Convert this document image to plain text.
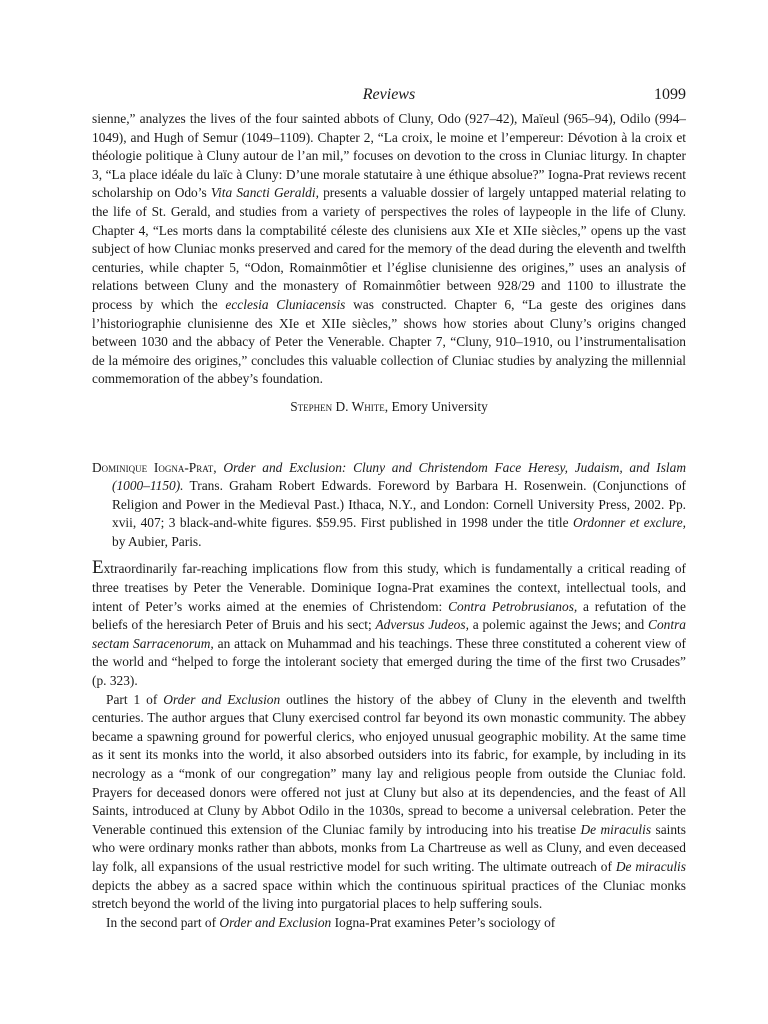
Reviews	1099

sienne,” analyzes the lives of the four sainted abbots of Cluny, Odo (927–42), Maïeul (965–94), Odilo (994–1049), and Hugh of Semur (1049–1109). Chapter 2, “La croix, le moine et l’empereur: Dévotion à la croix et théologie politique à Cluny autour de l’an mil,” focuses on devotion to the cross in Cluniac liturgy. In chapter 3, “La place idéale du laïc à Cluny: D’une morale statutaire à une éthique absolue?” Iogna-Prat reviews recent scholarship on Odo’s Vita Sancti Geraldi, presents a valuable dossier of largely untapped material relating to the life of St. Gerald, and studies from a variety of perspectives the roles of laypeople in the life of Cluny. Chapter 4, “Les morts dans la comptabilité céleste des clunisiens aux XIe et XIIe siècles,” opens up the vast subject of how Cluniac monks preserved and cared for the memory of the dead during the eleventh and twelfth centuries, while chapter 5, “Odon, Romainmôtier et l’église clunisienne des origines,” uses an analysis of relations between Cluny and the monastery of Romainmôtier between 928/29 and 1100 to illustrate the process by which the ecclesia Cluniacensis was constructed. Chapter 6, “La geste des origines dans l’historiographie clunisienne des XIe et XIIe siècles,” shows how stories about Cluny’s origins changed between 1030 and the abbacy of Peter the Venerable. Chapter 7, “Cluny, 910–1910, ou l’instrumentalisation de la mémoire des origines,” concludes this valuable collection of Cluniac studies by analyzing the millennial commemoration of the abbey’s foundation.

Stephen D. White, Emory University

Dominique Iogna-Prat, Order and Exclusion: Cluny and Christendom Face Heresy, Judaism, and Islam (1000–1150). Trans. Graham Robert Edwards. Foreword by Barbara H. Rosenwein. (Conjunctions of Religion and Power in the Medieval Past.) Ithaca, N.Y., and London: Cornell University Press, 2002. Pp. xvii, 407; 3 black-and-white figures. $59.95. First published in 1998 under the title Ordonner et exclure, by Aubier, Paris.

Extraordinarily far-reaching implications flow from this study, which is fundamentally a critical reading of three treatises by Peter the Venerable. Dominique Iogna-Prat examines the context, intellectual tools, and intent of Peter’s works aimed at the enemies of Christendom: Contra Petrobrusianos, a refutation of the beliefs of the heresiarch Peter of Bruis and his sect; Adversus Judeos, a polemic against the Jews; and Contra sectam Sarracenorum, an attack on Muhammad and his teachings. These three constituted a coherent view of the world and “helped to forge the intolerant society that emerged during the time of the first two Crusades” (p. 323).

Part 1 of Order and Exclusion outlines the history of the abbey of Cluny in the eleventh and twelfth centuries. The author argues that Cluny exercised control far beyond its own monastic community. The abbey became a spawning ground for powerful clerics, who enjoyed unusual geographic mobility. At the same time as it sent its monks into the world, it also absorbed outsiders into its fabric, for example, by including in its necrology as a “monk of our congregation” many lay and religious people from outside the Cluniac fold. Prayers for deceased donors were offered not just at Cluny but also at its dependencies, and the feast of All Saints, introduced at Cluny by Abbot Odilo in the 1030s, spread to become a universal celebration. Peter the Venerable continued this extension of the Cluniac family by introducing into his treatise De miraculis saints who were ordinary monks rather than abbots, monks from La Chartreuse as well as Cluny, and even deceased lay folk, all expansions of the usual restrictive model for such writing. The ultimate outreach of De miraculis depicts the abbey as a sacred space within which the continuous spiritual practices of the Cluniac monks stretch beyond the world of the living into purgatorial places to help suffering souls.

In the second part of Order and Exclusion Iogna-Prat examines Peter’s sociology of
